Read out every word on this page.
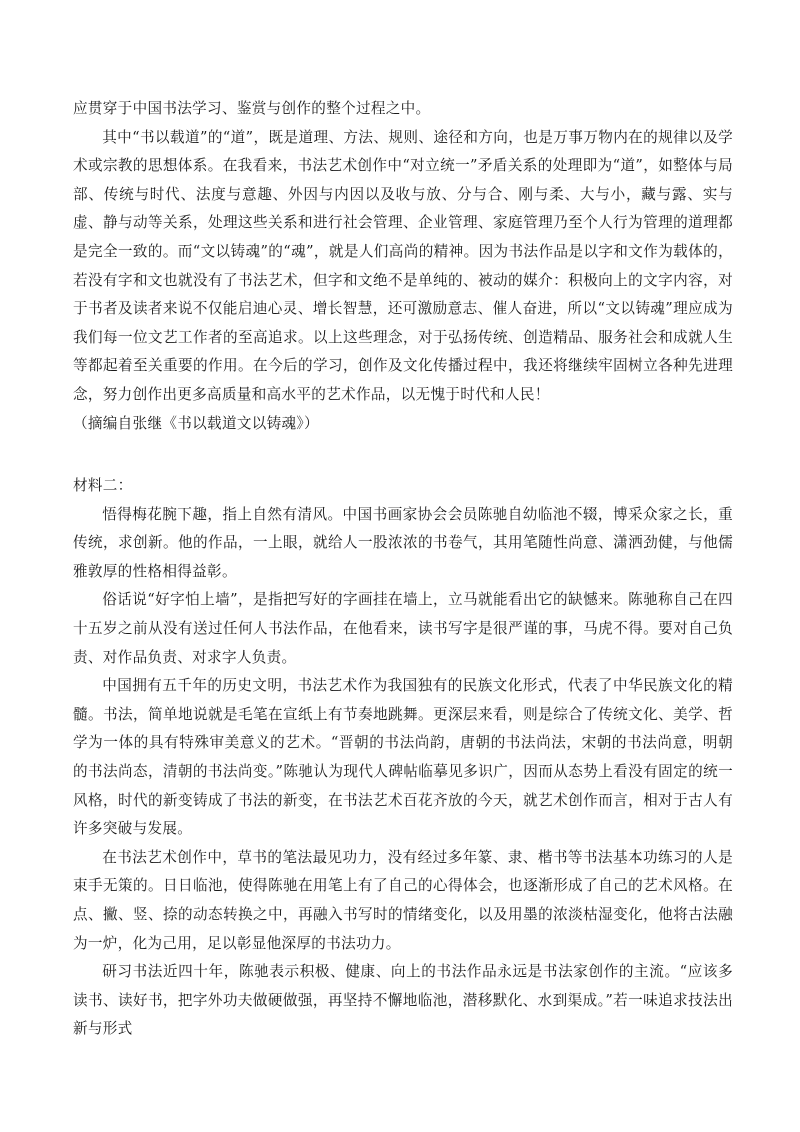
应贯穿于中国书法学习、鉴赏与创作的整个过程之中。

其中“书以载道”的“道”，既是道理、方法、规则、途径和方向，也是万事万物内在的规律以及学术或宗教的思想体系。在我看来，书法艺术创作中“对立统一”矛盾关系的处理即为“道”，如整体与局部、传统与时代、法度与意趣、外因与内因以及收与放、分与合、刚与柔、大与小，藏与露、实与虚、静与动等关系，处理这些关系和进行社会管理、企业管理、家庭管理乃至个人行为管理的道理都是完全一致的。而“文以铸魂”的“魂”，就是人们高尚的精神。因为书法作品是以字和文作为载体的，若没有字和文也就没有了书法艺术，但字和文绝不是单纯的、被动的媒介：积极向上的文字内容，对于书者及读者来说不仅能启迪心灵、增长智慧，还可激励意志、催人奋进，所以“文以铸魂”理应成为我们每一位文艺工作者的至高追求。以上这些理念，对于弘扬传统、创造精品、服务社会和成就人生等都起着至关重要的作用。在今后的学习，创作及文化传播过程中，我还将继续牢固树立各种先进理念，努力创作出更多高质量和高水平的艺术作品，以无愧于时代和人民！

（摘编自张继《书以载道文以铸魂》）

材料二：

悟得梅花腕下趣，指上自然有清风。中国书画家协会会员陈驰自幼临池不辍，博采众家之长，重传统，求创新。他的作品，一上眼，就给人一股浓浓的书卷气，其用笔随性尚意、潇洒劲健，与他儒雅敦厚的性格相得益彰。

俗话说“好字怕上墙”，是指把写好的字画挂在墙上，立马就能看出它的缺憾来。陈驰称自己在四十五岁之前从没有送过任何人书法作品，在他看来，读书写字是很严谨的事，马虎不得。要对自己负责、对作品负责、对求字人负责。

中国拥有五千年的历史文明，书法艺术作为我国独有的民族文化形式，代表了中华民族文化的精髓。书法，简单地说就是毛笔在宣纸上有节奏地跳舞。更深层来看，则是综合了传统文化、美学、哲学为一体的具有特殊审美意义的艺术。“晋朝的书法尚韵，唐朝的书法尚法，宋朝的书法尚意，明朝的书法尚态，清朝的书法尚变。”陈驰认为现代人碑帖临摹见多识广，因而从态势上看没有固定的统一风格，时代的新变铸成了书法的新变，在书法艺术百花齐放的今天，就艺术创作而言，相对于古人有许多突破与发展。

在书法艺术创作中，草书的笔法最见功力，没有经过多年篆、隶、楷书等书法基本功练习的人是束手无策的。日日临池，使得陈驰在用笔上有了自己的心得体会，也逐渐形成了自己的艺术风格。在点、撇、竖、捺的动态转换之中，再融入书写时的情绪变化，以及用墨的浓淡枯湿变化，他将古法融为一炉，化为己用，足以彰显他深厚的书法功力。

研习书法近四十年，陈驰表示积极、健康、向上的书法作品永远是书法家创作的主流。“应该多读书、读好书，把字外功夫做硬做强，再坚持不懈地临池，潜移默化、水到渠成。”若一味追求技法出新与形式
